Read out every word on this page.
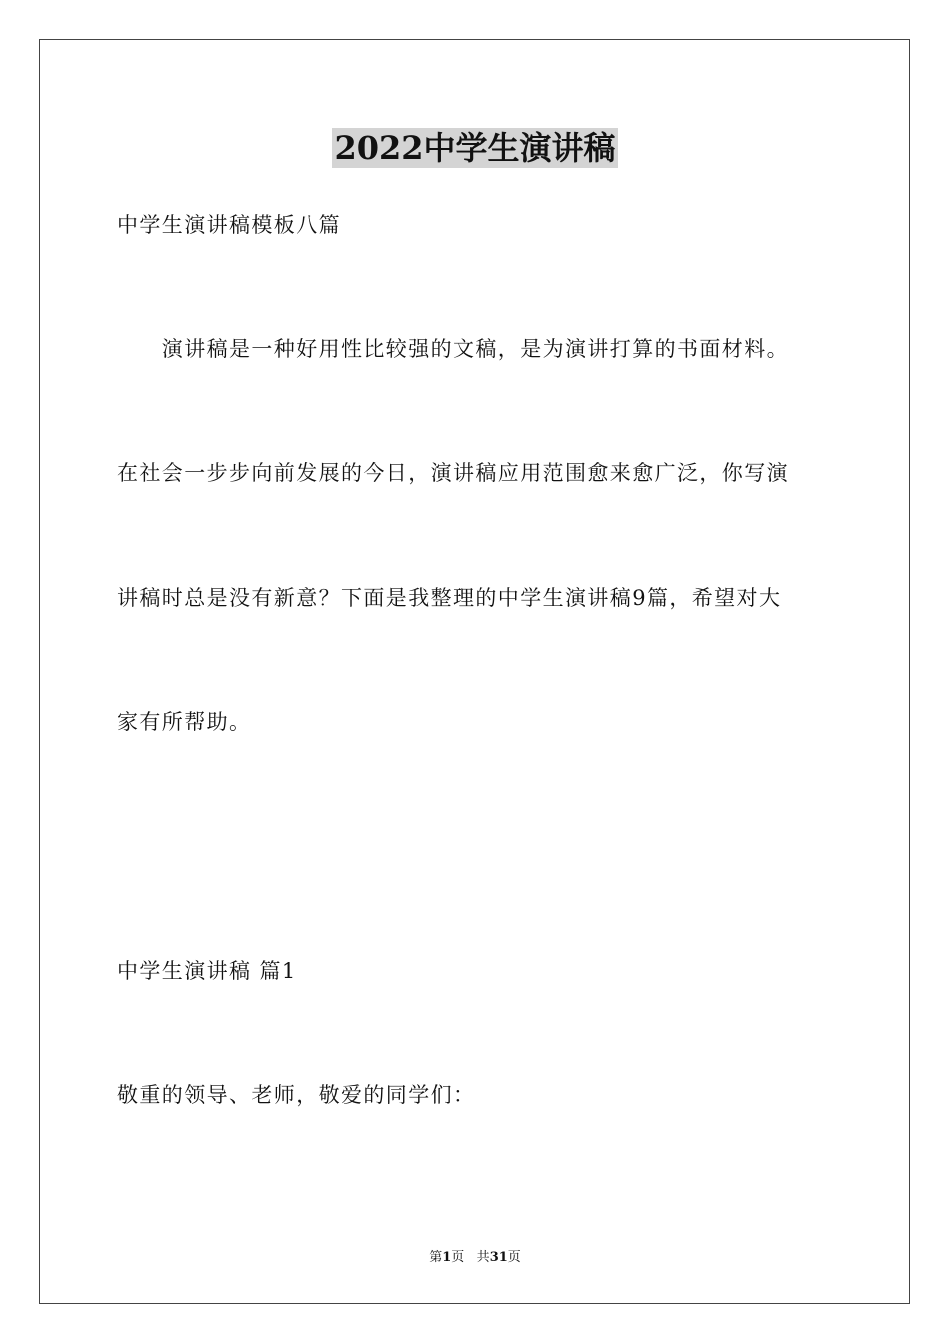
2022中学生演讲稿
中学生演讲稿模板八篇
　　演讲稿是一种好用性比较强的文稿，是为演讲打算的书面材料。
在社会一步步向前发展的今日，演讲稿应用范围愈来愈广泛，你写演
讲稿时总是没有新意？下面是我整理的中学生演讲稿9篇，希望对大
家有所帮助。
中学生演讲稿 篇1
敬重的领导、老师，敬爱的同学们：
第1页 共31页
